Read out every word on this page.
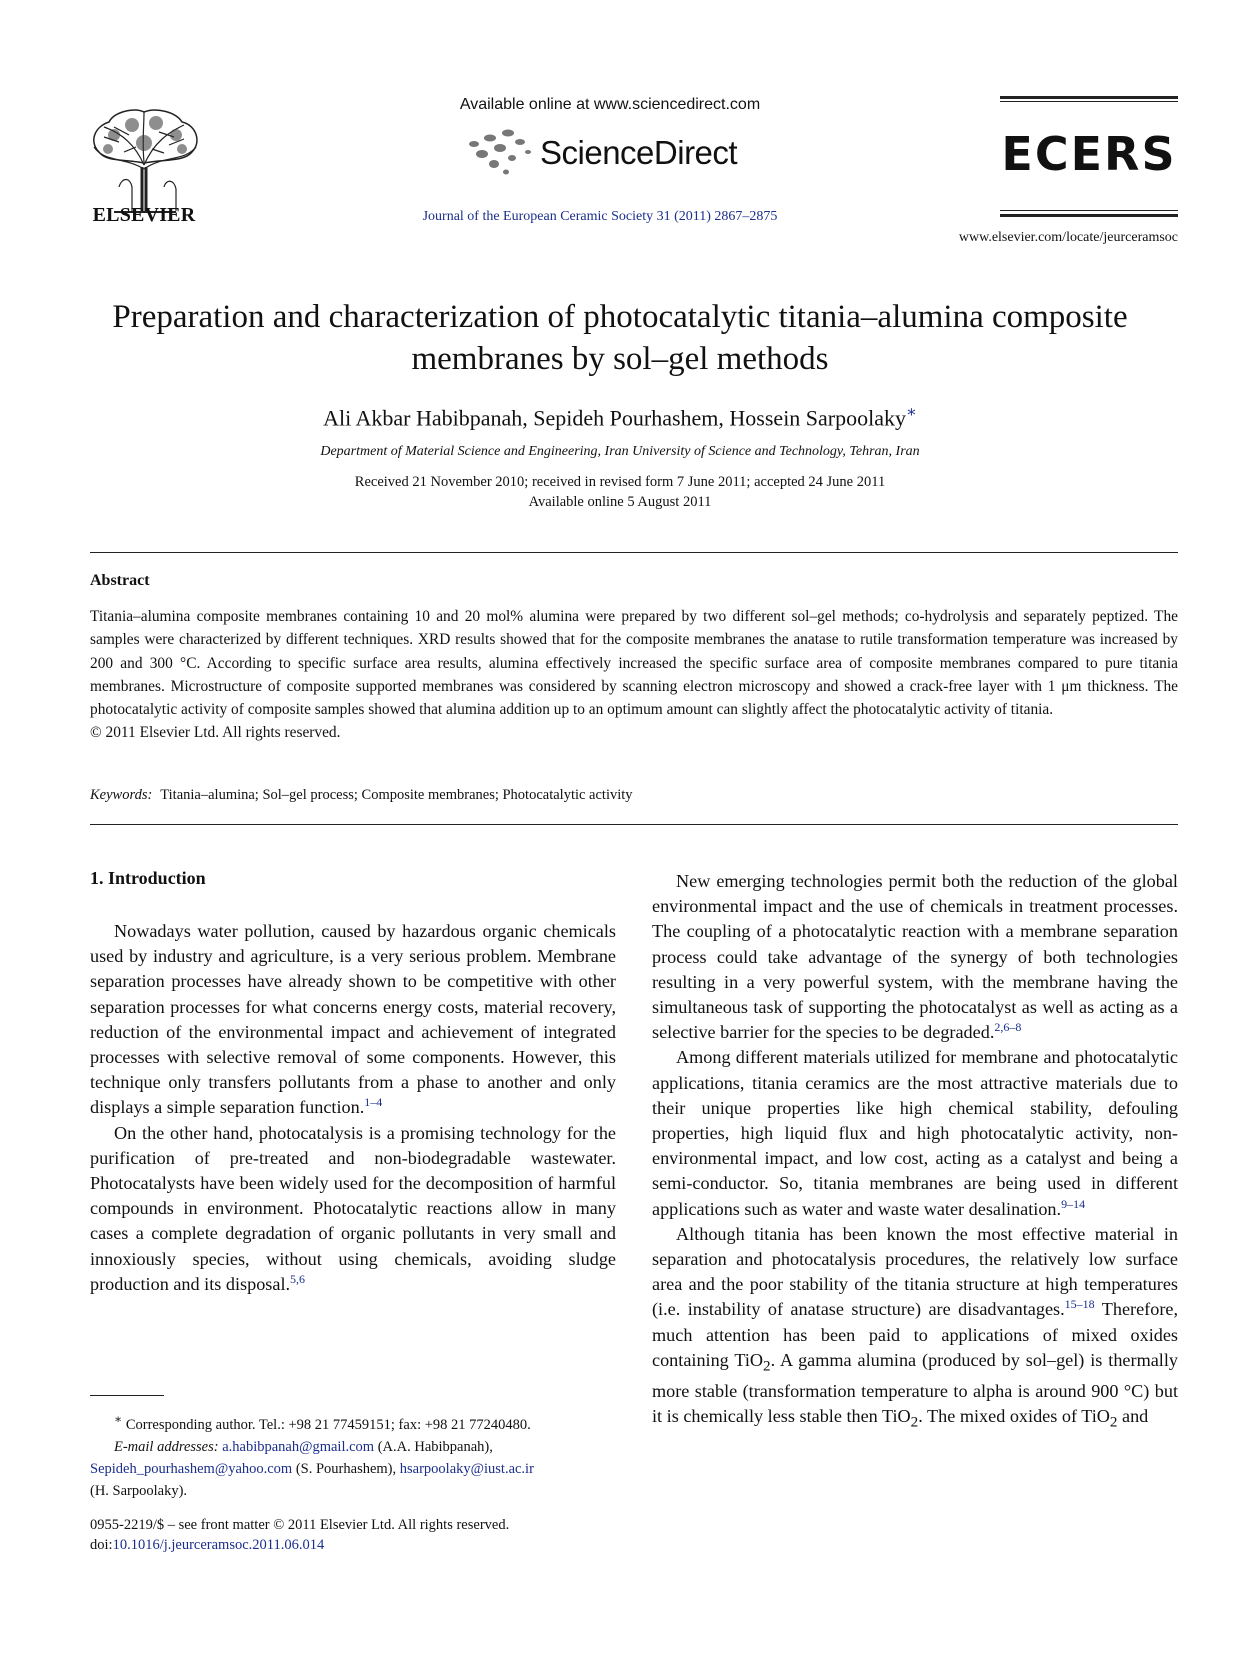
ELSEVIER
Available online at www.sciencedirect.com
ScienceDirect
Journal of the European Ceramic Society 31 (2011) 2867–2875
ECERS
www.elsevier.com/locate/jeurceramsoc
Preparation and characterization of photocatalytic titania–alumina composite membranes by sol–gel methods
Ali Akbar Habibpanah, Sepideh Pourhashem, Hossein Sarpoolaky∗
Department of Material Science and Engineering, Iran University of Science and Technology, Tehran, Iran
Received 21 November 2010; received in revised form 7 June 2011; accepted 24 June 2011
Available online 5 August 2011
Abstract
Titania–alumina composite membranes containing 10 and 20 mol% alumina were prepared by two different sol–gel methods; co-hydrolysis and separately peptized. The samples were characterized by different techniques. XRD results showed that for the composite membranes the anatase to rutile transformation temperature was increased by 200 and 300 °C. According to specific surface area results, alumina effectively increased the specific surface area of composite membranes compared to pure titania membranes. Microstructure of composite supported membranes was considered by scanning electron microscopy and showed a crack-free layer with 1 μm thickness. The photocatalytic activity of composite samples showed that alumina addition up to an optimum amount can slightly affect the photocatalytic activity of titania.
© 2011 Elsevier Ltd. All rights reserved.
Keywords: Titania–alumina; Sol–gel process; Composite membranes; Photocatalytic activity
1. Introduction

Nowadays water pollution, caused by hazardous organic chemicals used by industry and agriculture, is a very serious problem. Membrane separation processes have already shown to be competitive with other separation processes for what concerns energy costs, material recovery, reduction of the environmental impact and achievement of integrated processes with selective removal of some components. However, this technique only transfers pollutants from a phase to another and only displays a simple separation function.$^{1-4}$

On the other hand, photocatalysis is a promising technology for the purification of pre-treated and non-biodegradable wastewater. Photocatalysts have been widely used for the decomposition of harmful compounds in environment. Photocatalytic reactions allow in many cases a complete degradation of organic pollutants in very small and innoxiously species, without using chemicals, avoiding sludge production and its disposal.$^{5,6}$

∗ Corresponding author. Tel.: +98 21 77459151; fax: +98 21 77240480.
E-mail addresses: a.habibpanah@gmail.com (A.A. Habibpanah),
Sepideh_pourhashem@yahoo.com (S. Pourhashem), hsarpoolaky@iust.ac.ir
(H. Sarpoolaky).
0955-2219/$ – see front matter © 2011 Elsevier Ltd. All rights reserved.
doi:10.1016/j.jeurceramsoc.2011.06.014

New emerging technologies permit both the reduction of the global environmental impact and the use of chemicals in treatment processes. The coupling of a photocatalytic reaction with a membrane separation process could take advantage of the synergy of both technologies resulting in a very powerful system, with the membrane having the simultaneous task of supporting the photocatalyst as well as acting as a selective barrier for the species to be degraded.$^{2,6-8}$

Among different materials utilized for membrane and photocatalytic applications, titania ceramics are the most attractive materials due to their unique properties like high chemical stability, defouling properties, high liquid flux and high photocatalytic activity, non-environmental impact, and low cost, acting as a catalyst and being a semi-conductor. So, titania membranes are being used in different applications such as water and waste water desalination.$^{9-14}$

Although titania has been known the most effective material in separation and photocatalysis procedures, the relatively low surface area and the poor stability of the titania structure at high temperatures (i.e. instability of anatase structure) are disadvantages.$^{15-18}$ Therefore, much attention has been paid to applications of mixed oxides containing TiO$_2$. A gamma alumina (produced by sol–gel) is thermally more stable (transformation temperature to alpha is around 900 °C) but it is chemically less stable then TiO$_2$. The mixed oxides of TiO$_2$ and
